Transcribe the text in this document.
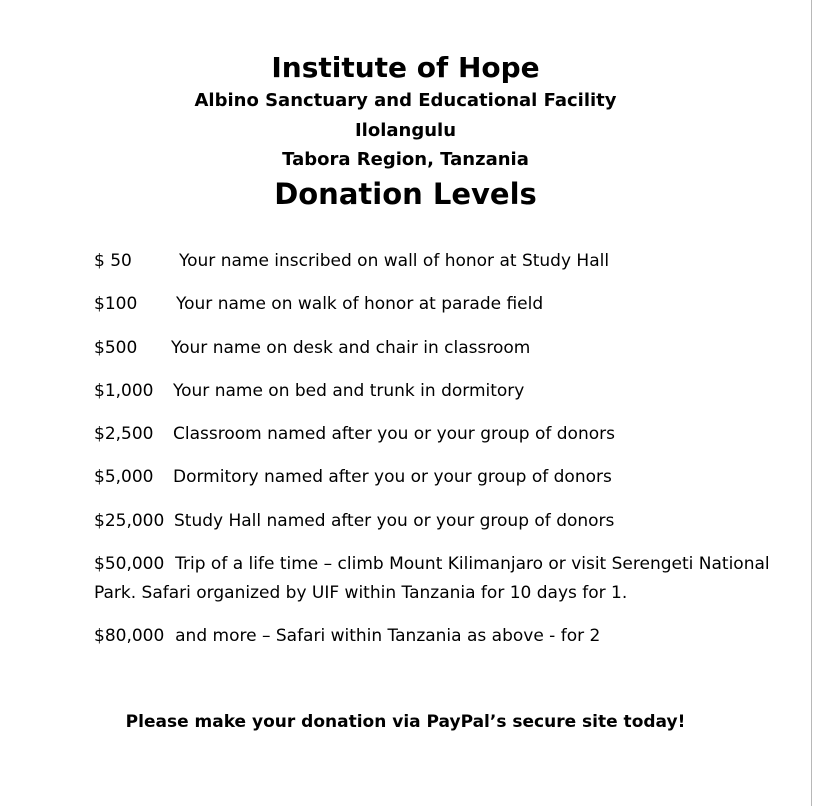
Institute of Hope
Albino Sanctuary and Educational Facility
Ilolangulu
Tabora Region, Tanzania
Donation Levels
$ 50	Your name inscribed on wall of honor at Study Hall
$100 Your name on walk of honor at parade field
$500 Your name on desk and chair in classroom
$1,000 Your name on bed and trunk in dormitory
$2,500 Classroom named after you or your group of donors
$5,000 Dormitory named after you or your group of donors
$25,000 Study Hall named after you or your group of donors
$50,000 Trip of a life time – climb Mount Kilimanjaro or visit Serengeti National Park. Safari organized by UIF within Tanzania for 10 days for 1.
$80,000 and more – Safari within Tanzania as above - for 2
Please make your donation via PayPal’s secure site today!
